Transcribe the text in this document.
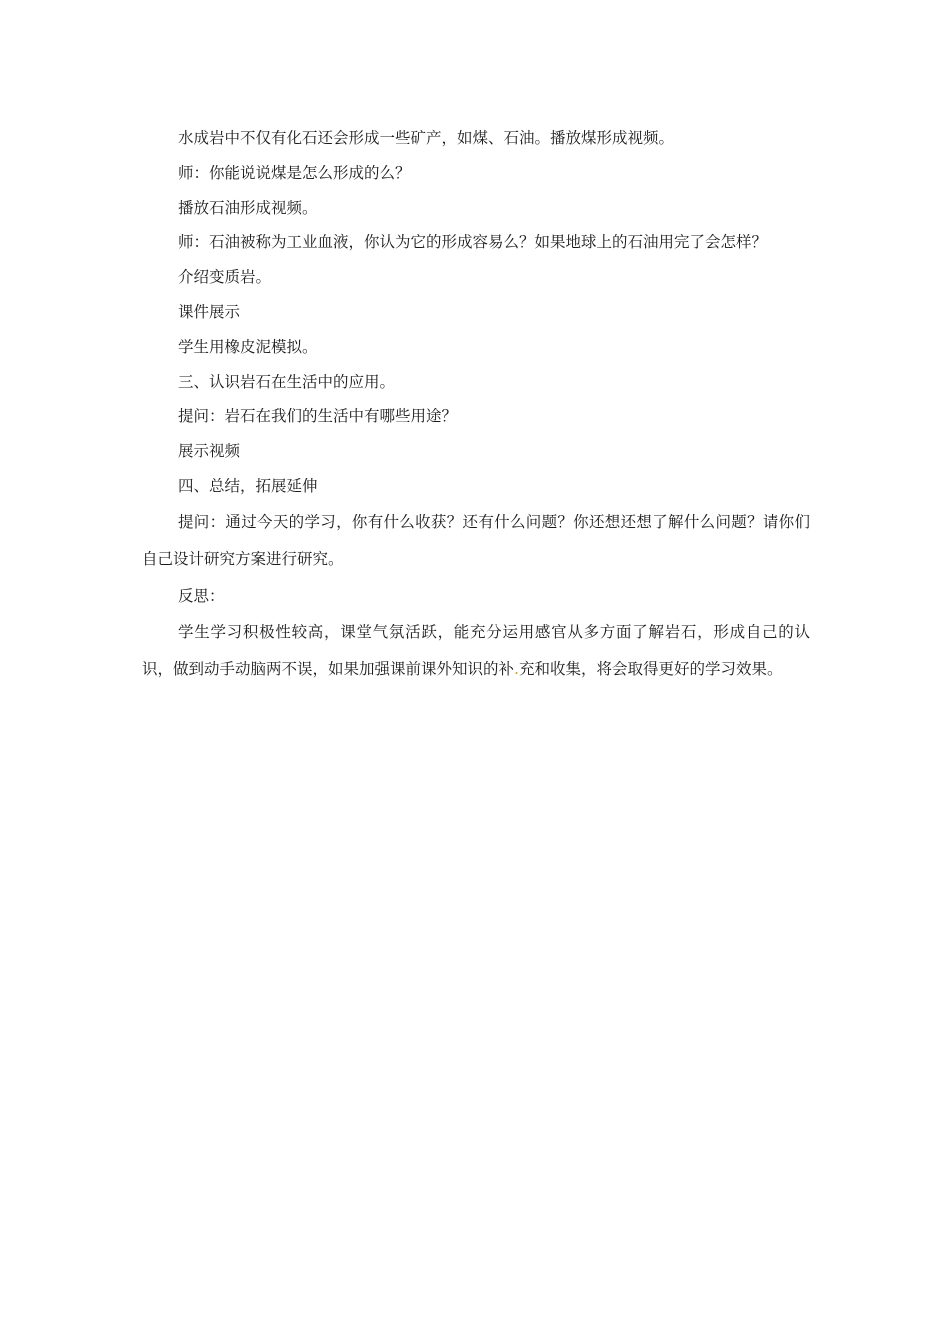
水成岩中不仅有化石还会形成一些矿产，如煤、石油。播放煤形成视频。

师：你能说说煤是怎么形成的么？

播放石油形成视频。

师：石油被称为工业血液，你认为它的形成容易么？如果地球上的石油用完了会怎样？

介绍变质岩。

课件展示

学生用橡皮泥模拟。

三、认识岩石在生活中的应用。

提问：岩石在我们的生活中有哪些用途？

展示视频

四、总结，拓展延伸

提问：通过今天的学习，你有什么收获？还有什么问题？你还想还想了解什么问题？请你们自己设计研究方案进行研究。

反思：

学生学习积极性较高，课堂气氛活跃，能充分运用感官从多方面了解岩石，形成自己的认识，做到动手动脑两不误，如果加强课前课外知识的补.充和收集，将会取得更好的学习效果。
